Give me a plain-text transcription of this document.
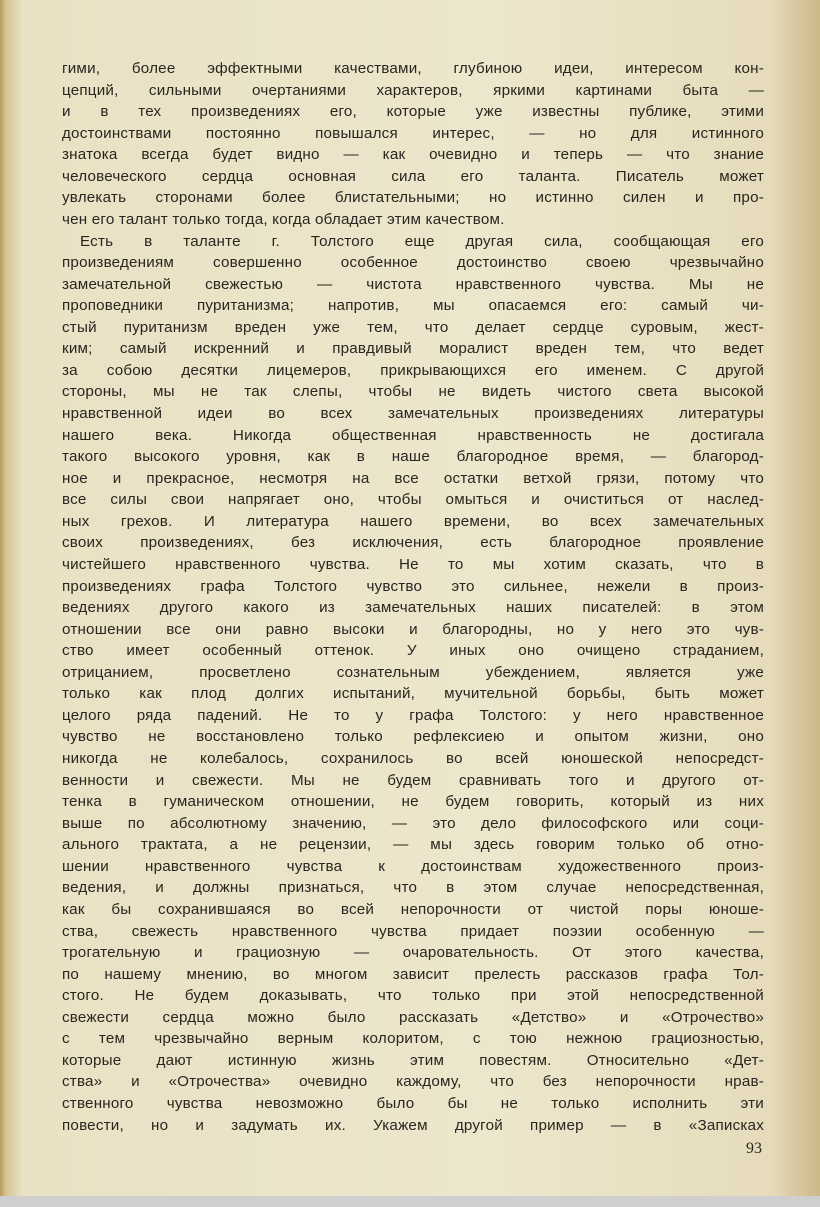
гими, более эффектными качествами, глубиною идеи, интересом кон-
цепций, сильными очертаниями характеров, яркими картинами быта —
и в тех произведениях его, которые уже известны публике, этими
достоинствами постоянно повышался интерес, — но для истинного
знатока всегда будет видно — как очевидно и теперь — что знание
человеческого сердца основная сила его таланта. Писатель может
увлекать сторонами более блистательными; но истинно силен и про-
чен его талант только тогда, когда обладает этим качеством.
Есть в таланте г. Толстого еще другая сила, сообщающая его
произведениям совершенно особенное достоинство своею чрезвычайно
замечательной свежестью — чистота нравственного чувства. Мы не
проповедники пуританизма; напротив, мы опасаемся его: самый чи-
стый пуританизм вреден уже тем, что делает сердце суровым, жест-
ким; самый искренний и правдивый моралист вреден тем, что ведет
за собою десятки лицемеров, прикрывающихся его именем. С другой
стороны, мы не так слепы, чтобы не видеть чистого света высокой
нравственной идеи во всех замечательных произведениях литературы
нашего века. Никогда общественная нравственность не достигала
такого высокого уровня, как в наше благородное время, — благород-
ное и прекрасное, несмотря на все остатки ветхой грязи, потому что
все силы свои напрягает оно, чтобы омыться и очиститься от наслед-
ных грехов. И литература нашего времени, во всех замечательных
своих произведениях, без исключения, есть благородное проявление
чистейшего нравственного чувства. Не то мы хотим сказать, что в
произведениях графа Толстого чувство это сильнее, нежели в произ-
ведениях другого какого из замечательных наших писателей: в этом
отношении все они равно высоки и благородны, но у него это чув-
ство имеет особенный оттенок. У иных оно очищено страданием,
отрицанием, просветлено сознательным убеждением, является уже
только как плод долгих испытаний, мучительной борьбы, быть может
целого ряда падений. Не то у графа Толстого: у него нравственное
чувство не восстановлено только рефлексиею и опытом жизни, оно
никогда не колебалось, сохранилось во всей юношеской непосредст-
венности и свежести. Мы не будем сравнивать того и другого от-
тенка в гуманическом отношении, не будем говорить, который из них
выше по абсолютному значению, — это дело философского или соци-
ального трактата, а не рецензии, — мы здесь говорим только об отно-
шении нравственного чувства к достоинствам художественного произ-
ведения, и должны признаться, что в этом случае непосредственная,
как бы сохранившаяся во всей непорочности от чистой поры юноше-
ства, свежесть нравственного чувства придает поэзии особенную —
трогательную и грациозную — очаровательность. От этого качества,
по нашему мнению, во многом зависит прелесть рассказов графа Тол-
стого. Не будем доказывать, что только при этой непосредственной
свежести сердца можно было рассказать «Детство» и «Отрочество»
с тем чрезвычайно верным колоритом, с тою нежною грациозностью,
которые дают истинную жизнь этим повестям. Относительно «Дет-
ства» и «Отрочества» очевидно каждому, что без непорочности нрав-
ственного чувства невозможно было бы не только исполнить эти
повести, но и задумать их. Укажем другой пример — в «Записках
93
